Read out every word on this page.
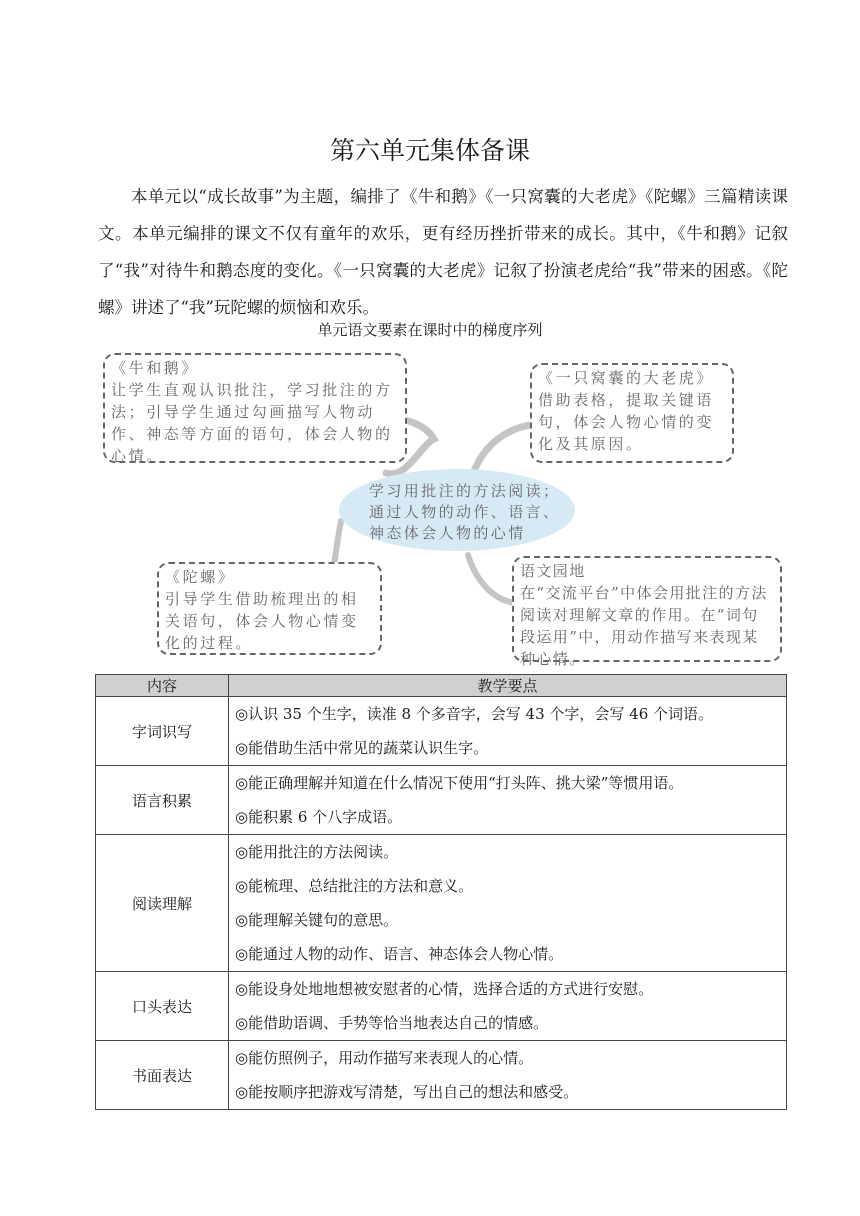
第六单元集体备课

本单元以“成长故事”为主题，编排了《牛和鹅》《一只窝囊的大老虎》《陀螺》三篇精读课文。本单元编排的课文不仅有童年的欢乐，更有经历挫折带来的成长。其中，《牛和鹅》记叙了“我”对待牛和鹅态度的变化。《一只窝囊的大老虎》记叙了扮演老虎给“我”带来的困惑。《陀螺》讲述了“我”玩陀螺的烦恼和欢乐。

单元语文要素在课时中的梯度序列
《牛和鹅》
让学生直观认识批注，学习批注的方法；引导学生通过勾画描写人物动作、神态等方面的语句，体会人物的心情。
《一只窝囊的大老虎》
借助表格，提取关键语句，体会人物心情的变化及其原因。
学习用批注的方法阅读；通过人物的动作、语言、神态体会人物的心情
《陀螺》
引导学生借助梳理出的相关语句，体会人物心情变化的过程。
语文园地
在“交流平台”中体会用批注的方法阅读对理解文章的作用。在“词句段运用”中，用动作描写来表现某种心情。
内容	教学要点
字词识写	◎认识 35 个生字，读准 8 个多音字，会写 43 个字，会写 46 个词语。
◎能借助生活中常见的蔬菜认识生字。

语言积累	◎能正确理解并知道在什么情况下使用“打头阵、挑大梁”等惯用语。
◎能积累 6 个八字成语。

阅读理解	◎能用批注的方法阅读。
◎能梳理、总结批注的方法和意义。
◎能理解关键句的意思。
◎能通过人物的动作、语言、神态体会人物心情。

口头表达	◎能设身处地地想被安慰者的心情，选择合适的方式进行安慰。
◎能借助语调、手势等恰当地表达自己的情感。

书面表达	◎能仿照例子，用动作描写来表现人的心情。
◎能按顺序把游戏写清楚，写出自己的想法和感受。
